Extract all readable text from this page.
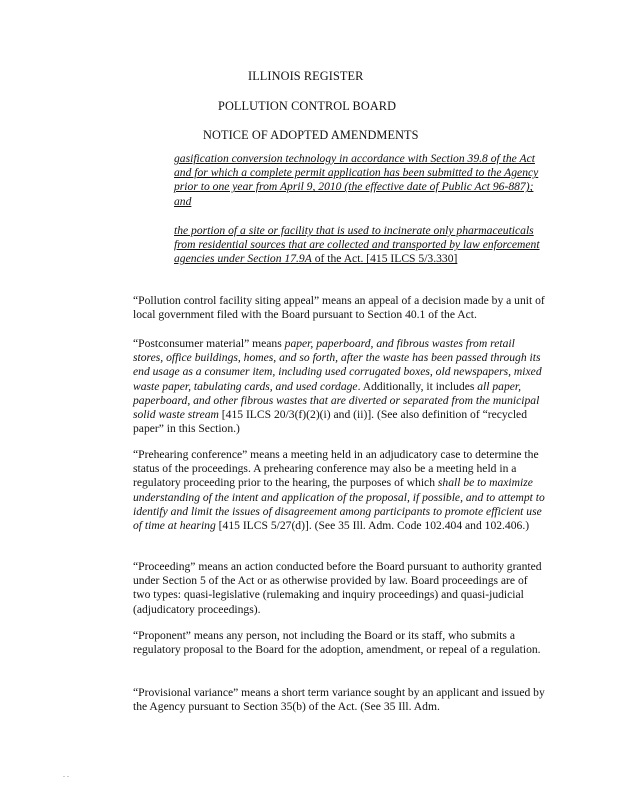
ILLINOIS REGISTER
POLLUTION CONTROL BOARD
NOTICE OF ADOPTED AMENDMENTS

gasification conversion technology in accordance with Section 39.8 of the Act and for which a complete permit application has been submitted to the Agency prior to one year from April 9, 2010 (the effective date of Public Act 96-887); and

the portion of a site or facility that is used to incinerate only pharmaceuticals from residential sources that are collected and transported by law enforcement agencies under Section 17.9A of the Act. [415 ILCS 5/3.330]

“Pollution control facility siting appeal” means an appeal of a decision made by a unit of local government filed with the Board pursuant to Section 40.1 of the Act.

“Postconsumer material” means paper, paperboard, and fibrous wastes from retail stores, office buildings, homes, and so forth, after the waste has been passed through its end usage as a consumer item, including used corrugated boxes, old newspapers, mixed waste paper, tabulating cards, and used cordage. Additionally, it includes all paper, paperboard, and other fibrous wastes that are diverted or separated from the municipal solid waste stream [415 ILCS 20/3(f)(2)(i) and (ii)]. (See also definition of “recycled paper” in this Section.)

“Prehearing conference” means a meeting held in an adjudicatory case to determine the status of the proceedings. A prehearing conference may also be a meeting held in a regulatory proceeding prior to the hearing, the purposes of which shall be to maximize understanding of the intent and application of the proposal, if possible, and to attempt to identify and limit the issues of disagreement among participants to promote efficient use of time at hearing [415 ILCS 5/27(d)]. (See 35 Ill. Adm. Code 102.404 and 102.406.)

“Proceeding” means an action conducted before the Board pursuant to authority granted under Section 5 of the Act or as otherwise provided by law. Board proceedings are of two types: quasi-legislative (rulemaking and inquiry proceedings) and quasi-judicial (adjudicatory proceedings).

“Proponent” means any person, not including the Board or its staff, who submits a regulatory proposal to the Board for the adoption, amendment, or repeal of a regulation.

“Provisional variance” means a short term variance sought by an applicant and issued by the Agency pursuant to Section 35(b) of the Act. (See 35 Ill. Adm.

. .
